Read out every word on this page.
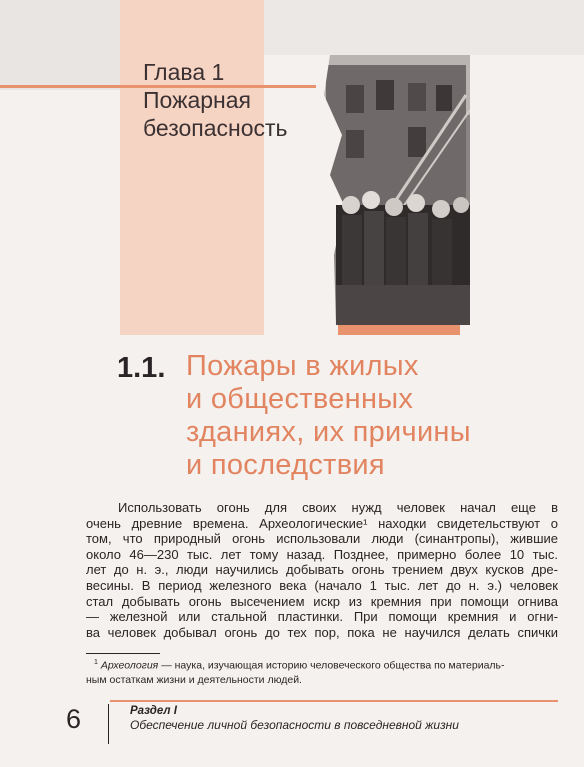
Глава 1
Пожарная
безопасность
1.1. Пожары в жилых
и общественных
зданиях, их причины
и последствия
Использовать огонь для своих нужд человек начал еще в
очень древние времена. Археологические¹ находки свидетельствуют о
том, что природный огонь использовали люди (синантропы), жившие
около 46—230 тыс. лет тому назад. Позднее, примерно более 10 тыс.
лет до н. э., люди научились добывать огонь трением двух кусков дре-
весины. В период железного века (начало 1 тыс. лет до н. э.) человек
стал добывать огонь высечением искр из кремния при помощи огнива
— железной или стальной пластинки. При помощи кремния и огни-
ва человек добывал огонь до тех пор, пока не научился делать спички
$^1$ Археология — наука, изучающая историю человеческого общества по материаль-
ным остаткам жизни и деятельности людей.
6	Раздел I
Обеспечение личной безопасности в повседневной жизни
